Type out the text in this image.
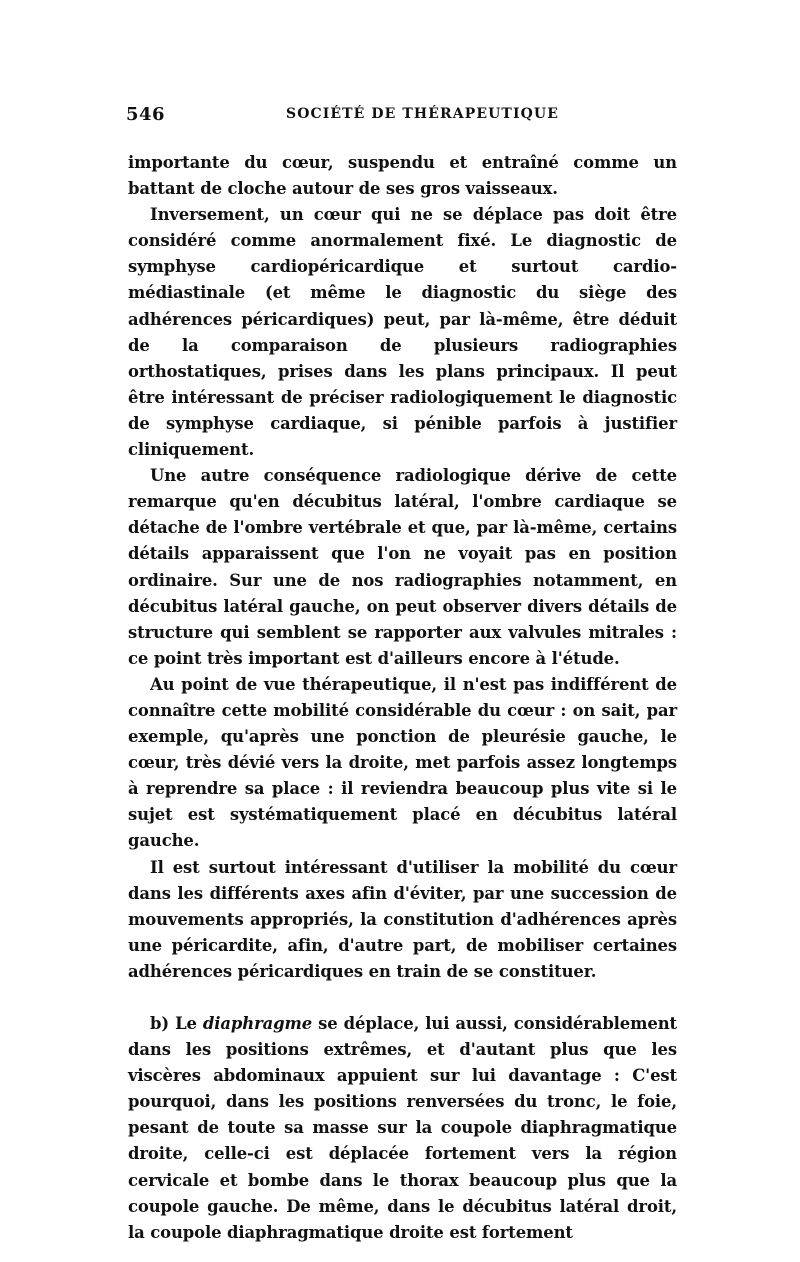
546	SOCIÉTÉ DE THÉRAPEUTIQUE

importante du cœur, suspendu et entraîné comme un battant de cloche autour de ses gros vaisseaux.

Inversement, un cœur qui ne se déplace pas doit être considéré comme anormalement fixé. Le diagnostic de symphyse cardiopéricardique et surtout cardio-médiastinale (et même le diagnostic du siège des adhérences péricardiques) peut, par là-même, être déduit de la comparaison de plusieurs radiographies orthostatiques, prises dans les plans principaux. Il peut être intéressant de préciser radiologiquement le diagnostic de symphyse cardiaque, si pénible parfois à justifier cliniquement.

Une autre conséquence radiologique dérive de cette remarque qu'en décubitus latéral, l'ombre cardiaque se détache de l'ombre vertébrale et que, par là-même, certains détails apparaissent que l'on ne voyait pas en position ordinaire. Sur une de nos radiographies notamment, en décubitus latéral gauche, on peut observer divers détails de structure qui semblent se rapporter aux valvules mitrales : ce point très important est d'ailleurs encore à l'étude.

Au point de vue thérapeutique, il n'est pas indifférent de connaître cette mobilité considérable du cœur : on sait, par exemple, qu'après une ponction de pleurésie gauche, le cœur, très dévié vers la droite, met parfois assez longtemps à reprendre sa place : il reviendra beaucoup plus vite si le sujet est systématiquement placé en décubitus latéral gauche.

Il est surtout intéressant d'utiliser la mobilité du cœur dans les différents axes afin d'éviter, par une succession de mouvements appropriés, la constitution d'adhérences après une péricardite, afin, d'autre part, de mobiliser certaines adhérences péricardiques en train de se constituer.

b) Le diaphragme se déplace, lui aussi, considérablement dans les positions extrêmes, et d'autant plus que les viscères abdominaux appuient sur lui davantage : C'est pourquoi, dans les positions renversées du tronc, le foie, pesant de toute sa masse sur la coupole diaphragmatique droite, celle-ci est déplacée fortement vers la région cervicale et bombe dans le thorax beaucoup plus que la coupole gauche. De même, dans le décubitus latéral droit, la coupole diaphragmatique droite est fortement
